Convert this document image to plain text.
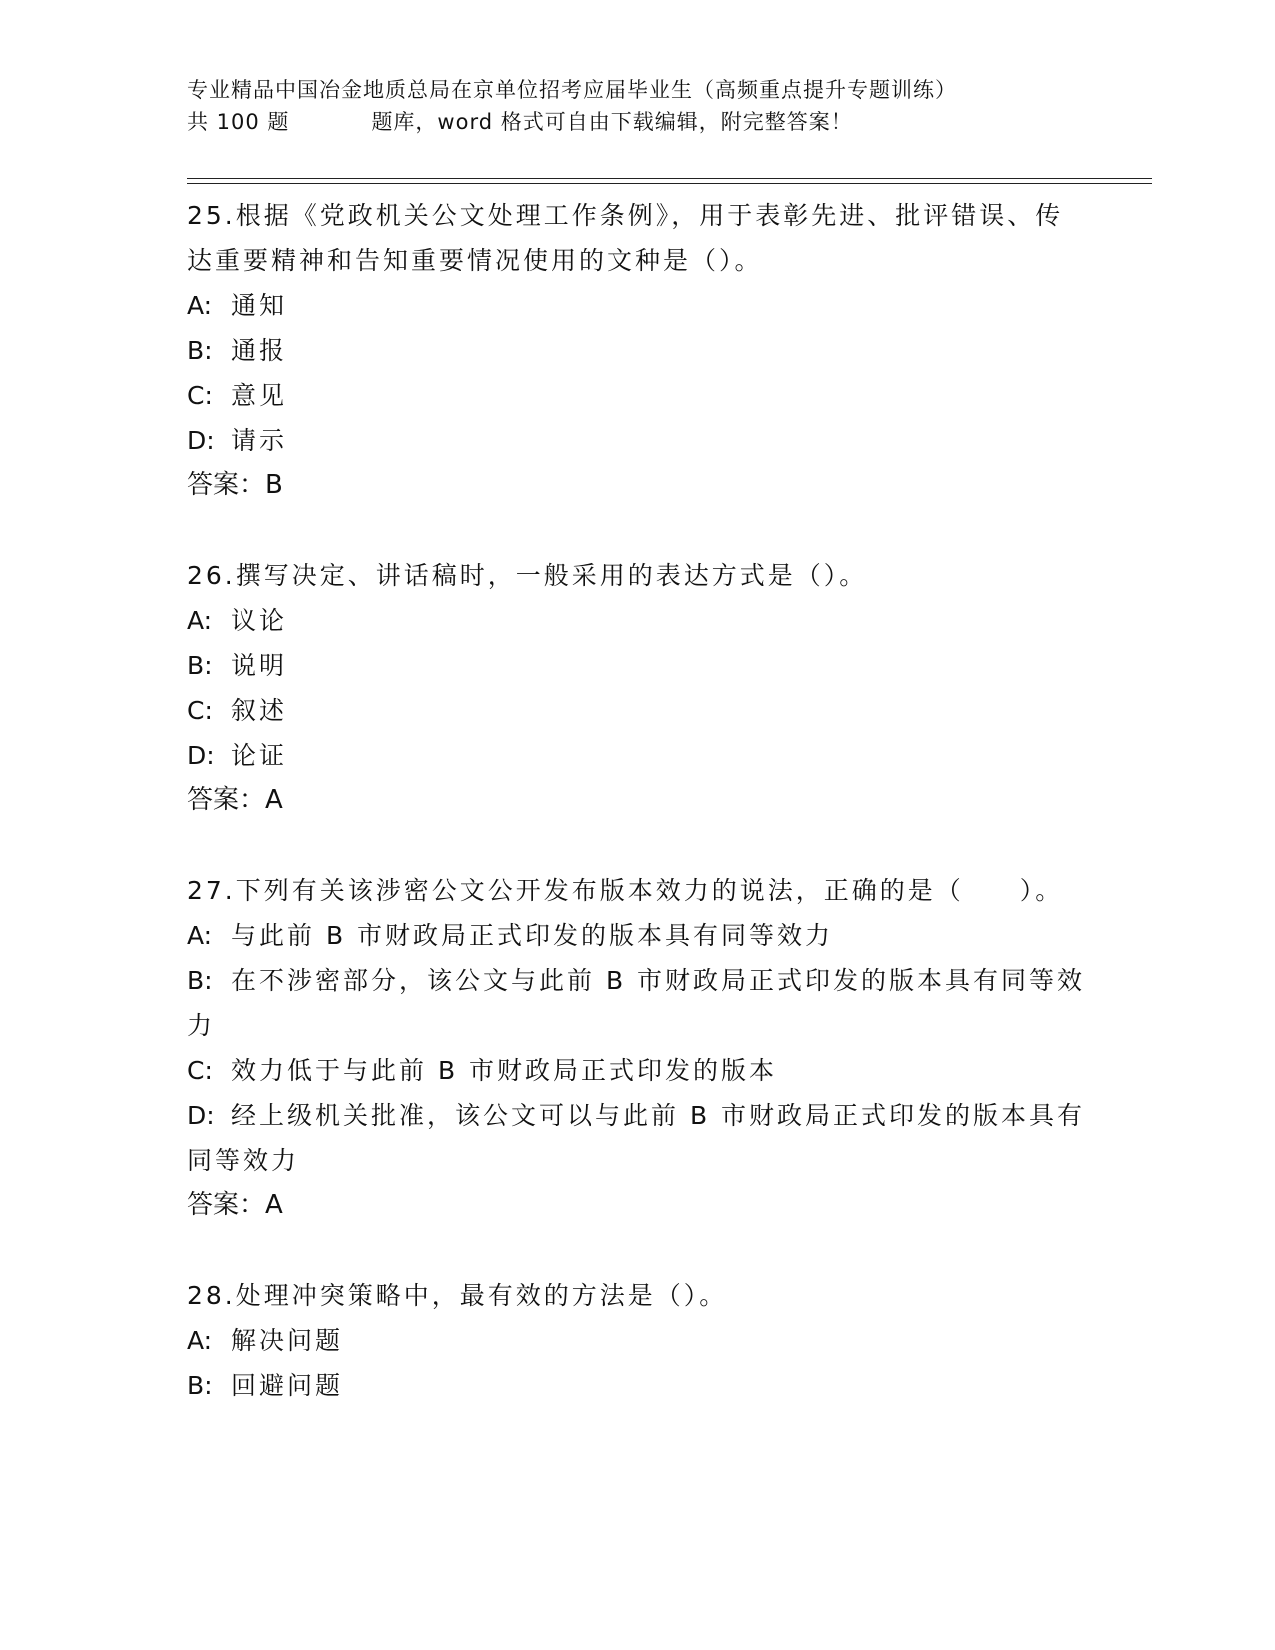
专业精品中国冶金地质总局在京单位招考应届毕业生（高频重点提升专题训练）
共 100 题	题库，word 格式可自由下载编辑，附完整答案！

25.根据《党政机关公文处理工作条例》，用于表彰先进、批评错误、传达重要精神和告知重要情况使用的文种是（）。

A: 通知

B: 通报

C: 意见

D: 请示

答案：B

26.撰写决定、讲话稿时，一般采用的表达方式是（）。

A: 议论

B: 说明

C: 叙述

D: 论证

答案：A

27.下列有关该涉密公文公开发布版本效力的说法，正确的是（　　）。

A: 与此前 B 市财政局正式印发的版本具有同等效力

B: 在不涉密部分，该公文与此前 B 市财政局正式印发的版本具有同等效力

C: 效力低于与此前 B 市财政局正式印发的版本

D: 经上级机关批准，该公文可以与此前 B 市财政局正式印发的版本具有同等效力

答案：A

28.处理冲突策略中，最有效的方法是（）。

A: 解决问题

B: 回避问题
